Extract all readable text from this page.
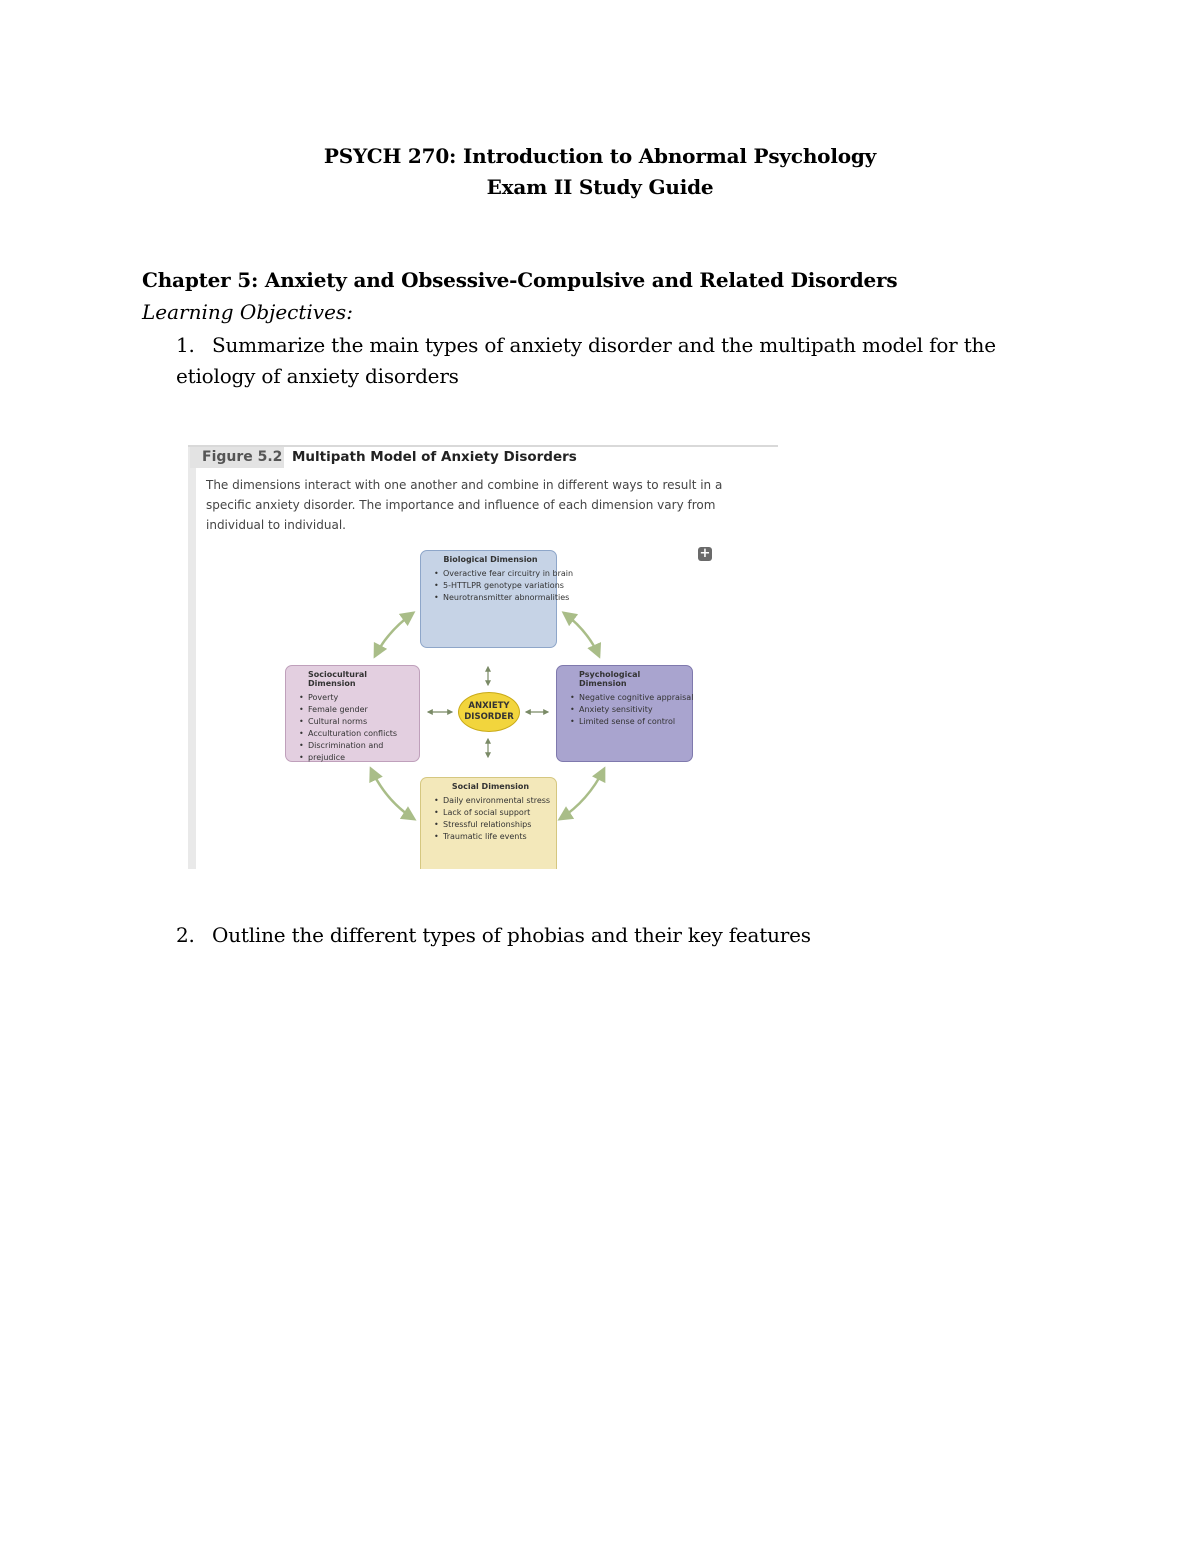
PSYCH 270: Introduction to Abnormal Psychology
Exam II Study Guide
Chapter 5: Anxiety and Obsessive-Compulsive and Related Disorders
Learning Objectives:
1. Summarize the main types of anxiety disorder and the multipath model for the etiology of anxiety disorders
Figure 5.2 Multipath Model of Anxiety Disorders
The dimensions interact with one another and combine in different ways to result in a specific anxiety disorder. The importance and influence of each dimension vary from individual to individual.
+
Biological Dimension
• Overactive fear circuitry in brain
• 5-HTTLPR genotype variations
• Neurotransmitter abnormalities
Sociocultural Dimension
• Poverty
• Female gender
• Cultural norms
• Acculturation conflicts
• Discrimination and
• prejudice
ANXIETY
DISORDER
Psychological Dimension
• Negative cognitive appraisal
• Anxiety sensitivity
• Limited sense of control
Social Dimension
• Daily environmental stress
• Lack of social support
• Stressful relationships
• Traumatic life events
2. Outline the different types of phobias and their key features
